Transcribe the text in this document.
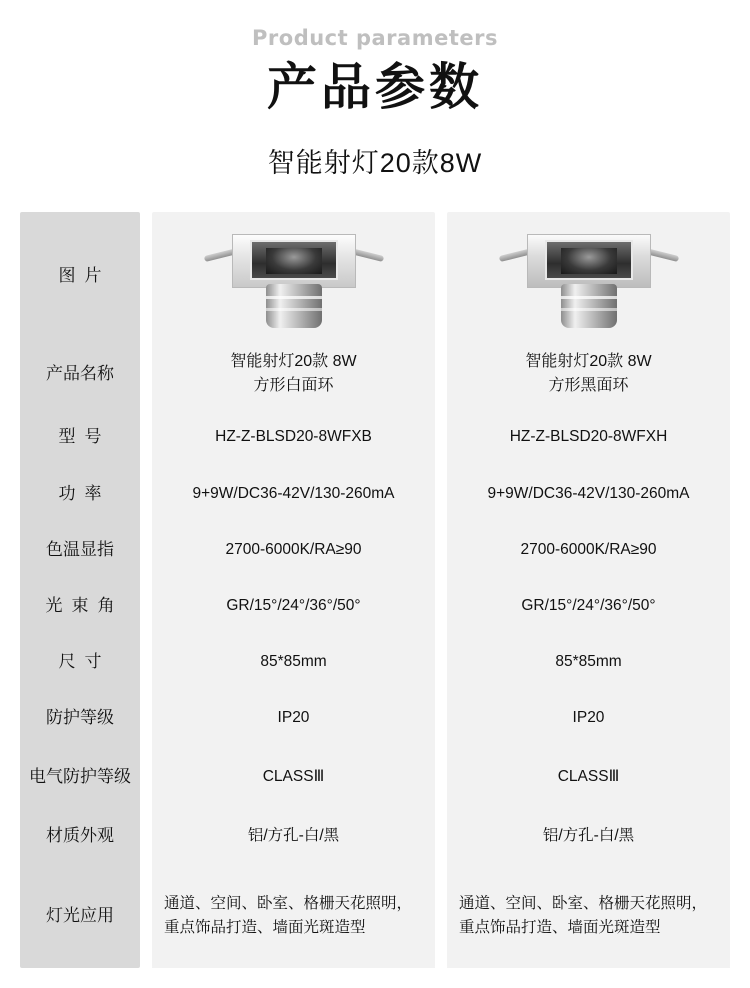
Product parameters
产品参数
智能射灯20款8W
图片
产品名称
型号
功率
色温显指
光束角
尺寸
防护等级
电气防护等级
材质外观
灯光应用
智能射灯20款 8W
方形白面环
HZ-Z-BLSD20-8WFXB
9+9W/DC36-42V/130-260mA
2700-6000K/RA≥90
GR/15°/24°/36°/50°
85*85mm
IP20
CLASSⅢ
铝/方孔-白/黑
通道、空间、卧室、格栅天花照明，重点饰品打造、墙面光斑造型
智能射灯20款 8W
方形黑面环
HZ-Z-BLSD20-8WFXH
9+9W/DC36-42V/130-260mA
2700-6000K/RA≥90
GR/15°/24°/36°/50°
85*85mm
IP20
CLASSⅢ
铝/方孔-白/黑
通道、空间、卧室、格栅天花照明，重点饰品打造、墙面光斑造型
